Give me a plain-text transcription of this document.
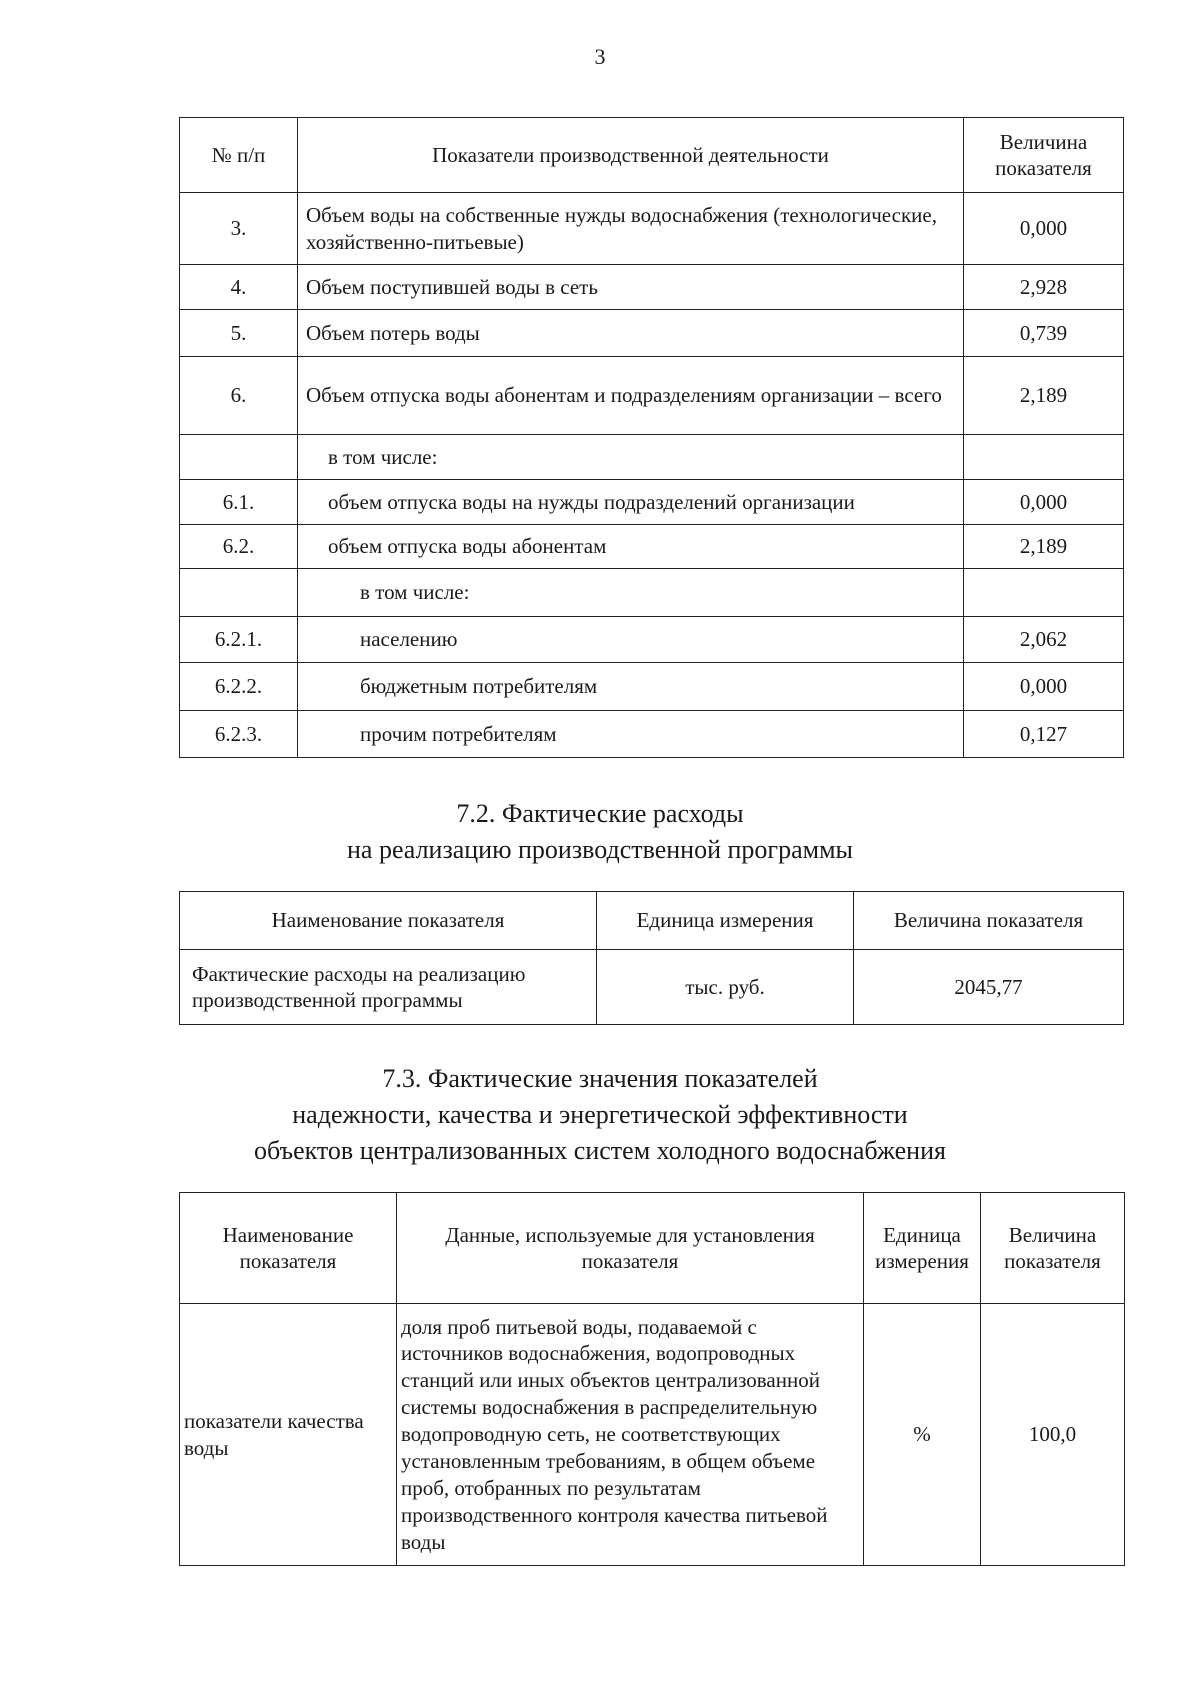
3
№ п/п	Показатели производственной деятельности	Величина показателя
3.	Объем воды на собственные нужды водоснабжения (технологические, хозяйственно-питьевые)	0,000
4.	Объем поступившей воды в сеть	2,928
5.	Объем потерь воды	0,739
6.	Объем отпуска воды абонентам и подразделениям организации – всего	2,189
	в том числе:	
6.1.	объем отпуска воды на нужды подразделений организации	0,000
6.2.	объем отпуска воды абонентам	2,189
	в том числе:	
6.2.1.	населению	2,062
6.2.2.	бюджетным потребителям	0,000
6.2.3.	прочим потребителям	0,127
7.2. Фактические расходы
на реализацию производственной программы
Наименование показателя	Единица измерения	Величина показателя
Фактические расходы на реализацию производственной программы	тыс. руб.	2045,77
7.3. Фактические значения показателей
надежности, качества и энергетической эффективности
объектов централизованных систем холодного водоснабжения
Наименование показателя	Данные, используемые для установления показателя	Единица измерения	Величина показателя
показатели качества воды	доля проб питьевой воды, подаваемой с источников водоснабжения, водопроводных станций или иных объектов централизованной системы водоснабжения в распределительную водопроводную сеть, не соответствующих установленным требованиям, в общем объеме проб, отобранных по результатам производственного контроля качества питьевой воды	%	100,0
